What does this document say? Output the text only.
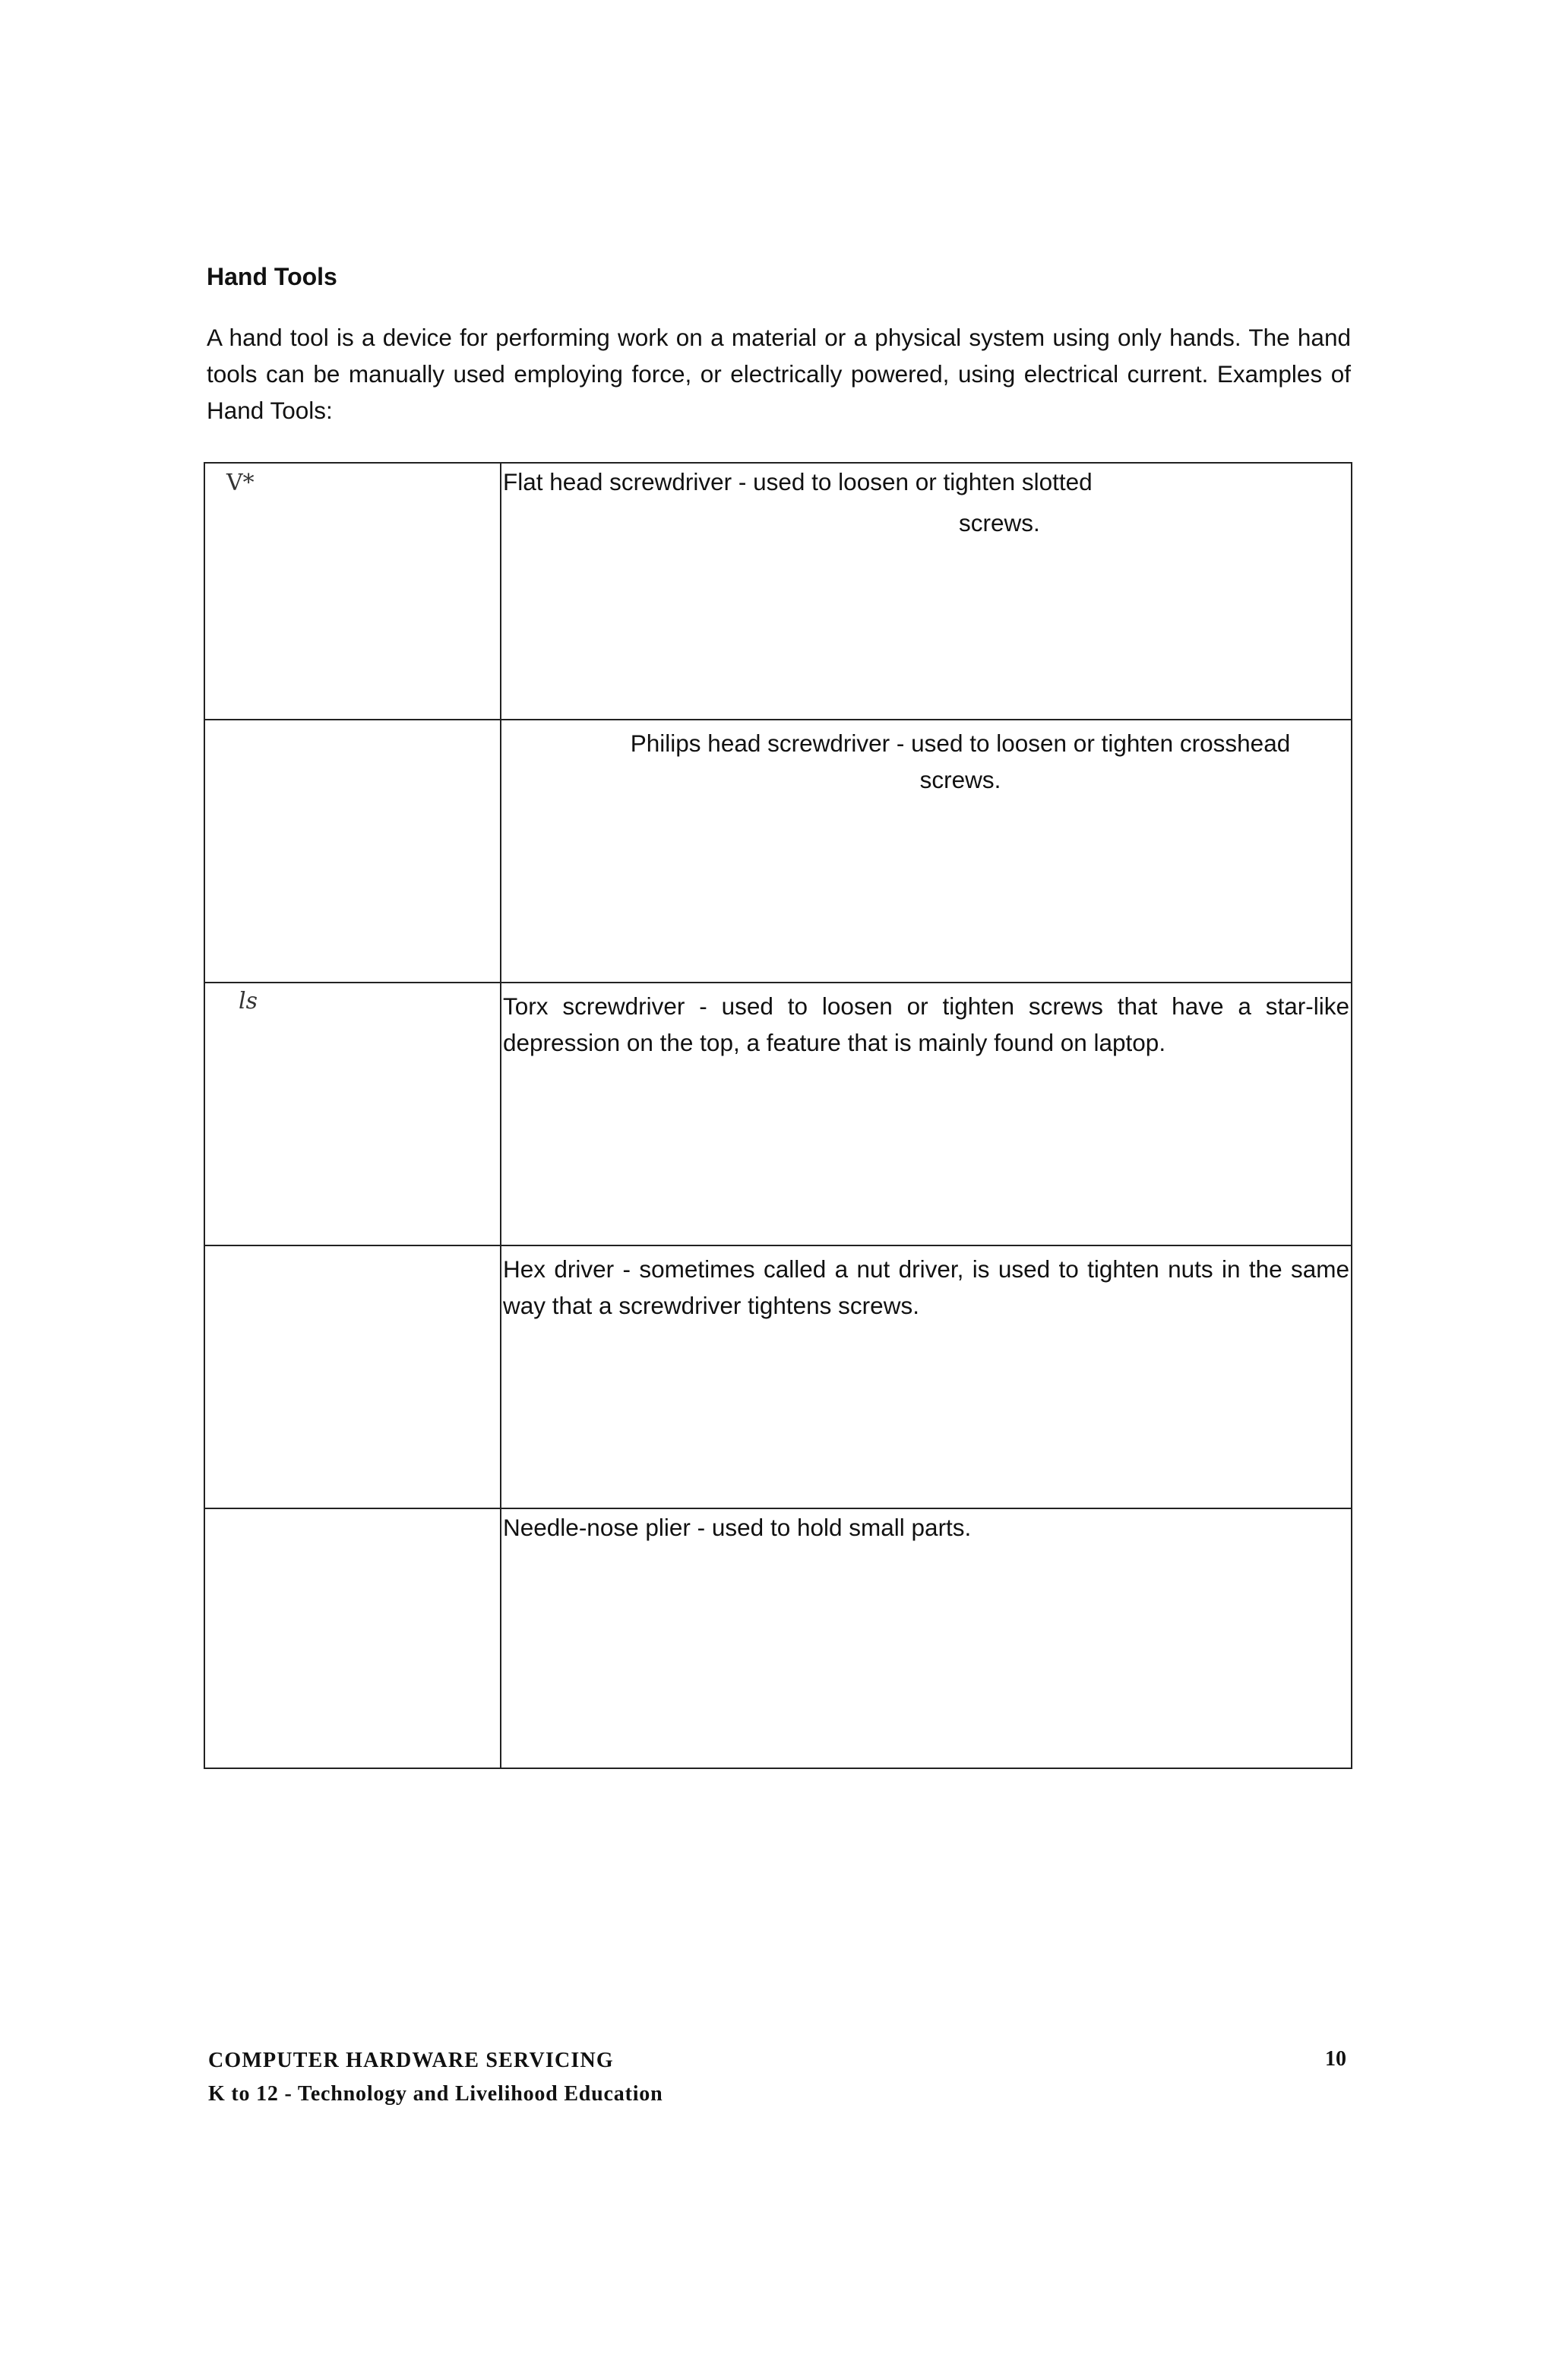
Hand Tools

A hand tool is a device for performing work on a material or a physical system using only hands. The hand tools can be manually used employing force, or electrically powered, using electrical current. Examples of Hand Tools:

V*	Flat head screwdriver - used to loosen or tighten slotted
screws.

	Philips head screwdriver - used to loosen or tighten crosshead screws.

ls	Torx screwdriver - used to loosen or tighten screws that have a star-like depression on the top, a feature that is mainly found on laptop.

	Hex driver - sometimes called a nut driver, is used to tighten nuts in the same way that a screwdriver tightens screws.

	Needle-nose plier - used to hold small parts.

COMPUTER HARDWARE SERVICING

K to 12 - Technology and Livelihood Education

10
